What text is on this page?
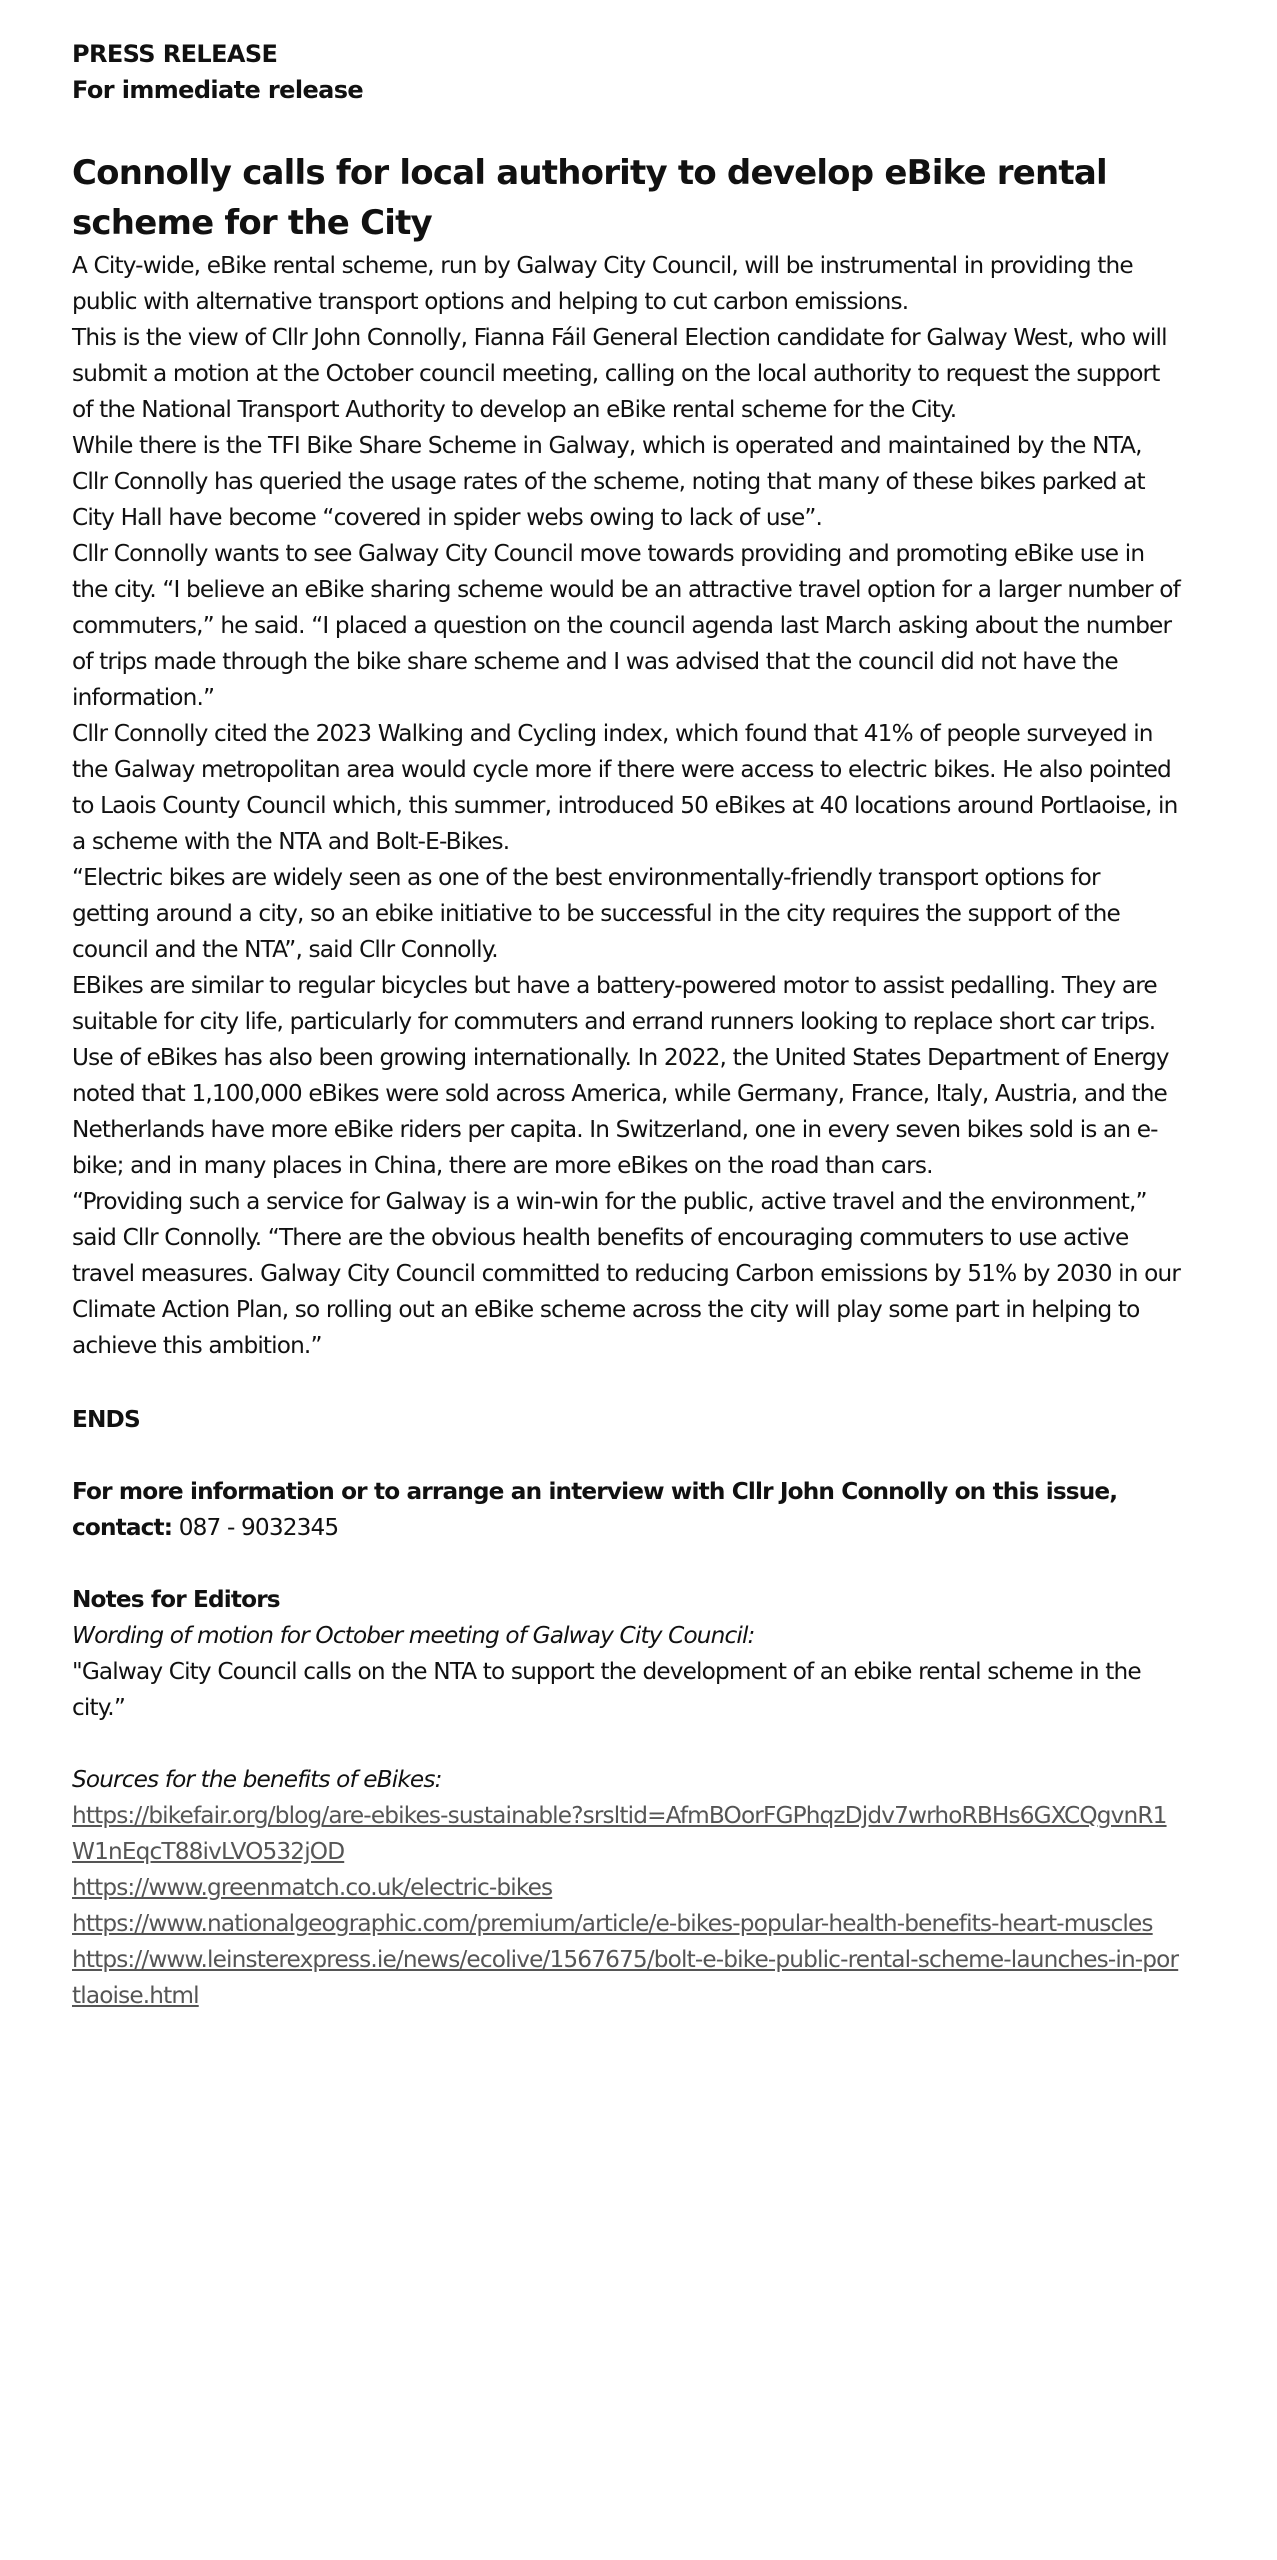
PRESS RELEASE

For immediate release

Connolly calls for local authority to develop eBike rental scheme for the City

A City-wide, eBike rental scheme, run by Galway City Council, will be instrumental in providing the public with alternative transport options and helping to cut carbon emissions.

This is the view of Cllr John Connolly, Fianna Fáil General Election candidate for Galway West, who will submit a motion at the October council meeting, calling on the local authority to request the support of the National Transport Authority to develop an eBike rental scheme for the City.

While there is the TFI Bike Share Scheme in Galway, which is operated and maintained by the NTA, Cllr Connolly has queried the usage rates of the scheme, noting that many of these bikes parked at City Hall have become “covered in spider webs owing to lack of use”.

Cllr Connolly wants to see Galway City Council move towards providing and promoting eBike use in the city. “I believe an eBike sharing scheme would be an attractive travel option for a larger number of commuters,” he said. “I placed a question on the council agenda last March asking about the number of trips made through the bike share scheme and I was advised that the council did not have the information.”

Cllr Connolly cited the 2023 Walking and Cycling index, which found that 41% of people surveyed in the Galway metropolitan area would cycle more if there were access to electric bikes. He also pointed to Laois County Council which, this summer, introduced 50 eBikes at 40 locations around Portlaoise, in a scheme with the NTA and Bolt-E-Bikes.

“Electric bikes are widely seen as one of the best environmentally-friendly transport options for getting around a city, so an ebike initiative to be successful in the city requires the support of the council and the NTA”, said Cllr Connolly.

EBikes are similar to regular bicycles but have a battery-powered motor to assist pedalling. They are suitable for city life, particularly for commuters and errand runners looking to replace short car trips.

Use of eBikes has also been growing internationally. In 2022, the United States Department of Energy noted that 1,100,000 eBikes were sold across America, while Germany, France, Italy, Austria, and the Netherlands have more eBike riders per capita. In Switzerland, one in every seven bikes sold is an e-bike; and in many places in China, there are more eBikes on the road than cars.

“Providing such a service for Galway is a win-win for the public, active travel and the environment,” said Cllr Connolly. “There are the obvious health benefits of encouraging commuters to use active travel measures. Galway City Council committed to reducing Carbon emissions by 51% by 2030 in our Climate Action Plan, so rolling out an eBike scheme across the city will play some part in helping to achieve this ambition.”

ENDS

For more information or to arrange an interview with Cllr John Connolly on this issue, contact: 087 - 9032345

Notes for Editors

Wording of motion for October meeting of Galway City Council:

"Galway City Council calls on the NTA to support the development of an ebike rental scheme in the city.”

Sources for the benefits of eBikes:

https://bikefair.org/blog/are-ebikes-sustainable?srsltid=AfmBOorFGPhqzDjdv7wrhoRBHs6GXCQgvnR1W1nEqcT88ivLVO532jOD
https://www.greenmatch.co.uk/electric-bikes
https://www.nationalgeographic.com/premium/article/e-bikes-popular-health-benefits-heart-muscles
https://www.leinsterexpress.ie/news/ecolive/1567675/bolt-e-bike-public-rental-scheme-launches-in-portlaoise.html
